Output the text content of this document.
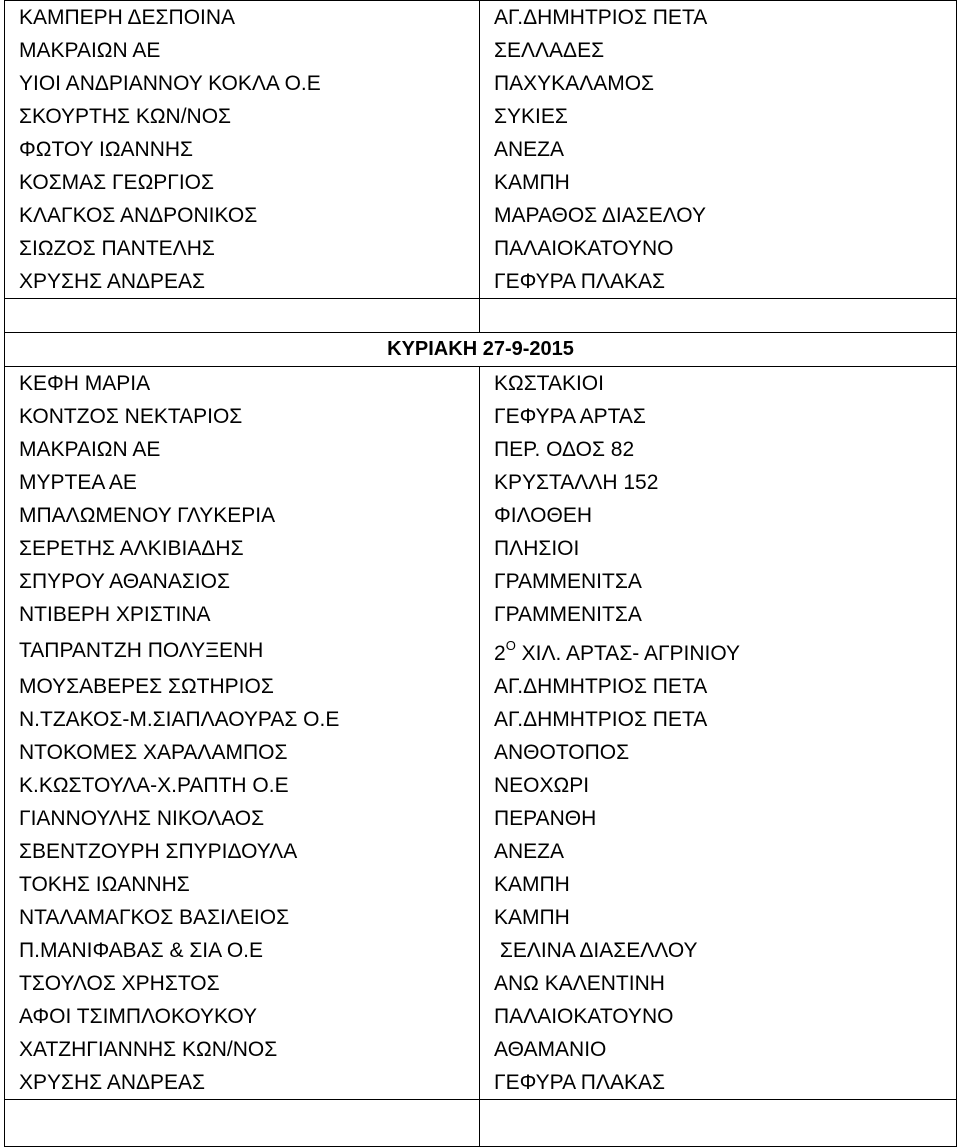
ΚΑΜΠΕΡΗ ΔΕΣΠΟΙΝΑ	ΑΓ.ΔΗΜΗΤΡΙΟΣ ΠΕΤΑ
ΜΑΚΡΑΙΩΝ ΑΕ	ΣΕΛΛΑΔΕΣ
ΥΙΟΙ ΑΝΔΡΙΑΝΝΟΥ ΚΟΚΛΑ Ο.Ε	ΠΑΧΥΚΑΛΑΜΟΣ
ΣΚΟΥΡΤΗΣ ΚΩΝ/ΝΟΣ	ΣΥΚΙΕΣ
ΦΩΤΟΥ ΙΩΑΝΝΗΣ	ΑΝΕΖΑ
ΚΟΣΜΑΣ ΓΕΩΡΓΙΟΣ	ΚΑΜΠΗ
ΚΛΑΓΚΟΣ ΑΝΔΡΟΝΙΚΟΣ	ΜΑΡΑΘΟΣ ΔΙΑΣΕΛΟΥ
ΣΙΩΖΟΣ ΠΑΝΤΕΛΗΣ	ΠΑΛΑΙΟΚΑΤΟΥΝΟ
ΧΡΥΣΗΣ ΑΝΔΡΕΑΣ	ΓΕΦΥΡΑ ΠΛΑΚΑΣ

ΚΥΡΙΑΚΗ 27-9-2015	
ΚΕΦΗ ΜΑΡΙΑ	ΚΩΣΤΑΚΙΟΙ
ΚΟΝΤΖΟΣ ΝΕΚΤΑΡΙΟΣ	ΓΕΦΥΡΑ ΑΡΤΑΣ
ΜΑΚΡΑΙΩΝ ΑΕ	ΠΕΡ. ΟΔΟΣ 82
ΜΥΡΤΕΑ ΑΕ	ΚΡΥΣΤΑΛΛΗ 152
ΜΠΑΛΩΜΕΝΟΥ ΓΛΥΚΕΡΙΑ	ΦΙΛΟΘΕΗ
ΣΕΡΕΤΗΣ ΑΛΚΙΒΙΑΔΗΣ	ΠΛΗΣΙΟΙ
ΣΠΥΡΟΥ ΑΘΑΝΑΣΙΟΣ	ΓΡΑΜΜΕΝΙΤΣΑ
ΝΤΙΒΕΡΗ ΧΡΙΣΤΙΝΑ	ΓΡΑΜΜΕΝΙΤΣΑ
ΤΑΠΡΑΝΤΖΗ ΠΟΛΥΞΕΝΗ	$2^O$ ΧΙΛ. ΑΡΤΑΣ- ΑΓΡΙΝΙΟΥ
ΜΟΥΣΑΒΕΡΕΣ ΣΩΤΗΡΙΟΣ	ΑΓ.ΔΗΜΗΤΡΙΟΣ ΠΕΤΑ
Ν.ΤΖΑΚΟΣ-Μ.ΣΙΑΠΛΑΟΥΡΑΣ Ο.Ε	ΑΓ.ΔΗΜΗΤΡΙΟΣ ΠΕΤΑ
ΝΤΟΚΟΜΕΣ ΧΑΡΑΛΑΜΠΟΣ	ΑΝΘΟΤΟΠΟΣ
Κ.ΚΩΣΤΟΥΛΑ-Χ.ΡΑΠΤΗ Ο.Ε	ΝΕΟΧΩΡΙ
ΓΙΑΝΝΟΥΛΗΣ ΝΙΚΟΛΑΟΣ	ΠΕΡΑΝΘΗ
ΣΒΕΝΤΖΟΥΡΗ ΣΠΥΡΙΔΟΥΛΑ	ΑΝΕΖΑ
ΤΟΚΗΣ ΙΩΑΝΝΗΣ	ΚΑΜΠΗ
ΝΤΑΛΑΜΑΓΚΟΣ ΒΑΣΙΛΕΙΟΣ	ΚΑΜΠΗ
Π.ΜΑΝΙΦΑΒΑΣ & ΣΙΑ Ο.Ε	ΣΕΛΙΝΑ ΔΙΑΣΕΛΛΟΥ
ΤΣΟΥΛΟΣ ΧΡΗΣΤΟΣ	ΑΝΩ ΚΑΛΕΝΤΙΝΗ
ΑΦΟΙ ΤΣΙΜΠΛΟΚΟΥΚΟΥ	ΠΑΛΑΙΟΚΑΤΟΥΝΟ
ΧΑΤΖΗΓΙΑΝΝΗΣ ΚΩΝ/ΝΟΣ	ΑΘΑΜΑΝΙΟ
ΧΡΥΣΗΣ ΑΝΔΡΕΑΣ	ΓΕΦΥΡΑ ΠΛΑΚΑΣ
